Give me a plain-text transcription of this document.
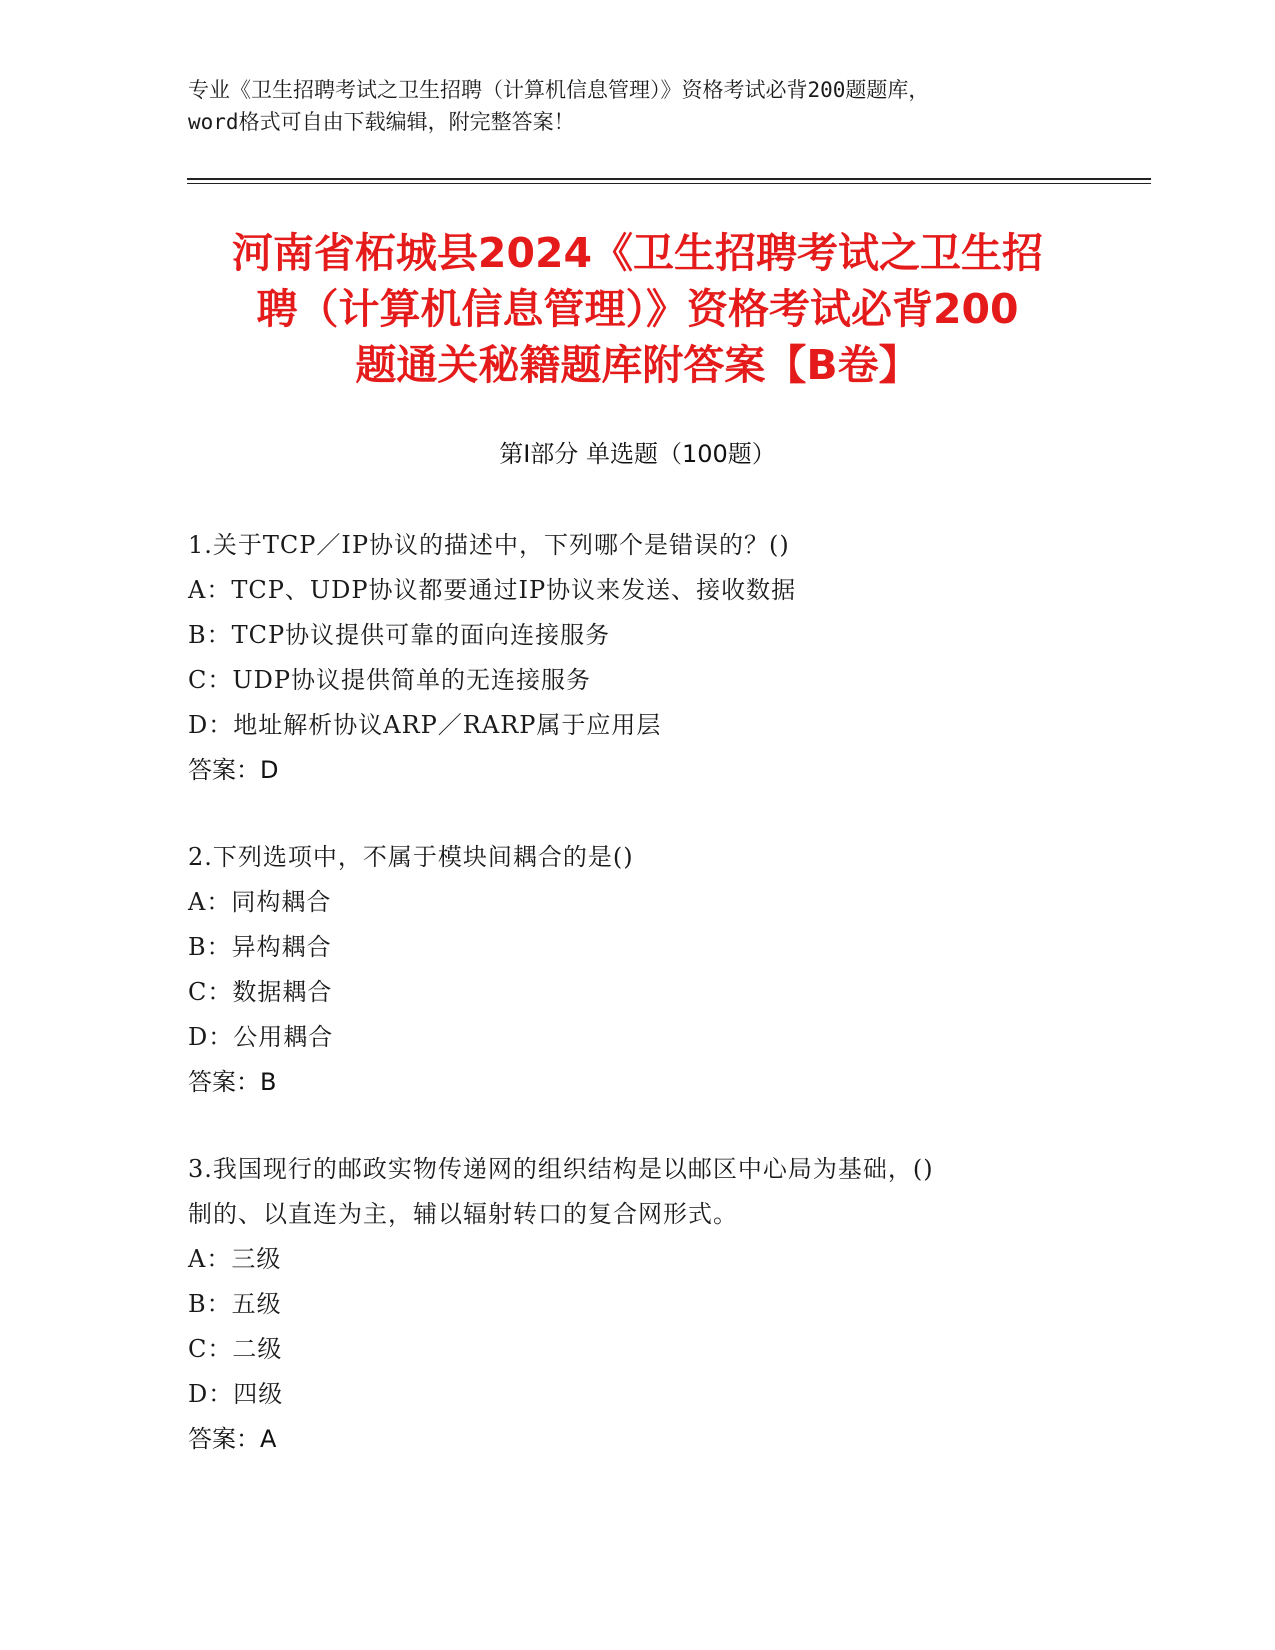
专业《卫生招聘考试之卫生招聘（计算机信息管理）》资格考试必背200题题库，
word格式可自由下载编辑，附完整答案！
河南省柘城县2024《卫生招聘考试之卫生招
聘（计算机信息管理）》资格考试必背200
题通关秘籍题库附答案【B卷】
第I部分 单选题（100题）
1.关于TCP／IP协议的描述中，下列哪个是错误的？()
A：TCP、UDP协议都要通过IP协议来发送、接收数据
B：TCP协议提供可靠的面向连接服务
C：UDP协议提供简单的无连接服务
D：地址解析协议ARP／RARP属于应用层
答案：D
2.下列选项中，不属于模块间耦合的是()
A：同构耦合
B：异构耦合
C：数据耦合
D：公用耦合
答案：B
3.我国现行的邮政实物传递网的组织结构是以邮区中心局为基础，()
制的、以直连为主，辅以辐射转口的复合网形式。
A：三级
B：五级
C：二级
D：四级
答案：A
